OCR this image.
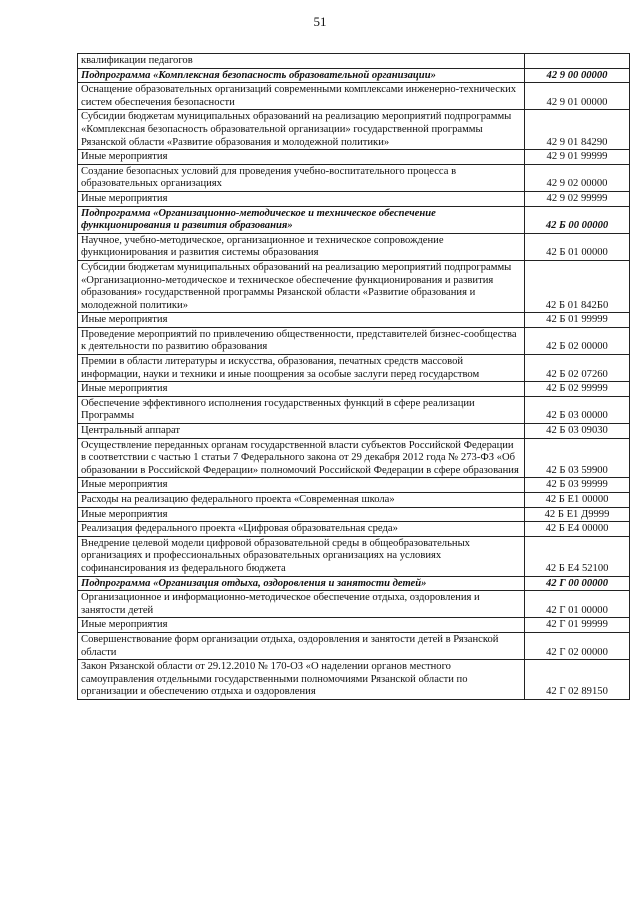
51
квалификации педагогов	
Подпрограмма «Комплексная безопасность образовательной организации»	42 9 00 00000
Оснащение образовательных организаций современными комплексами инженерно-технических систем обеспечения безопасности	42 9 01 00000
Субсидии бюджетам муниципальных образований на реализацию мероприятий подпрограммы «Комплексная безопасность образовательной организации» государственной программы Рязанской области «Развитие образования и молодежной политики»	42 9 01 84290
Иные мероприятия	42 9 01 99999
Создание безопасных условий для проведения учебно-воспитательного процесса в образовательных организациях	42 9 02 00000
Иные мероприятия	42 9 02 99999
Подпрограмма «Организационно-методическое и техническое обеспечение функционирования и развития образования»	42 Б 00 00000
Научное, учебно-методическое, организационное и техническое сопровождение функционирования и развития системы образования	42 Б 01 00000
Субсидии бюджетам муниципальных образований на реализацию мероприятий подпрограммы «Организационно-методическое и техническое обеспечение функционирования и развития образования» государственной программы Рязанской области «Развитие образования и молодежной политики»	42 Б 01 842Б0
Иные мероприятия	42 Б 01 99999
Проведение мероприятий по привлечению общественности, представителей бизнес-сообщества к деятельности по развитию образования	42 Б 02 00000
Премии в области литературы и искусства, образования, печатных средств массовой информации, науки и техники и иные поощрения за особые заслуги перед государством	42 Б 02 07260
Иные мероприятия	42 Б 02 99999
Обеспечение эффективного исполнения государственных функций в сфере реализации Программы	42 Б 03 00000
Центральный аппарат	42 Б 03 09030
Осуществление переданных органам государственной власти субъектов Российской Федерации в соответствии с частью 1 статьи 7 Федерального закона от 29 декабря 2012 года № 273-ФЗ «Об образовании в Российской Федерации» полномочий Российской Федерации в сфере образования	42 Б 03 59900
Иные мероприятия	42 Б 03 99999
Расходы на реализацию федерального проекта «Современная школа»	42 Б Е1 00000
Иные мероприятия	42 Б Е1 Д9999
Реализация федерального проекта «Цифровая образовательная среда»	42 Б Е4 00000
Внедрение целевой модели цифровой образовательной среды в общеобразовательных организациях и профессиональных образовательных организациях на условиях софинансирования из федерального бюджета	42 Б Е4 52100
Подпрограмма «Организация отдыха, оздоровления и занятости детей»	42 Г 00 00000
Организационное и информационно-методическое обеспечение отдыха, оздоровления и занятости детей	42 Г 01 00000
Иные мероприятия	42 Г 01 99999
Совершенствование форм организации отдыха, оздоровления и занятости детей в Рязанской области	42 Г 02 00000
Закон Рязанской области от 29.12.2010 № 170-ОЗ «О наделении органов местного самоуправления отдельными государственными полномочиями Рязанской области по организации и обеспечению отдыха и оздоровления	42 Г 02 89150
